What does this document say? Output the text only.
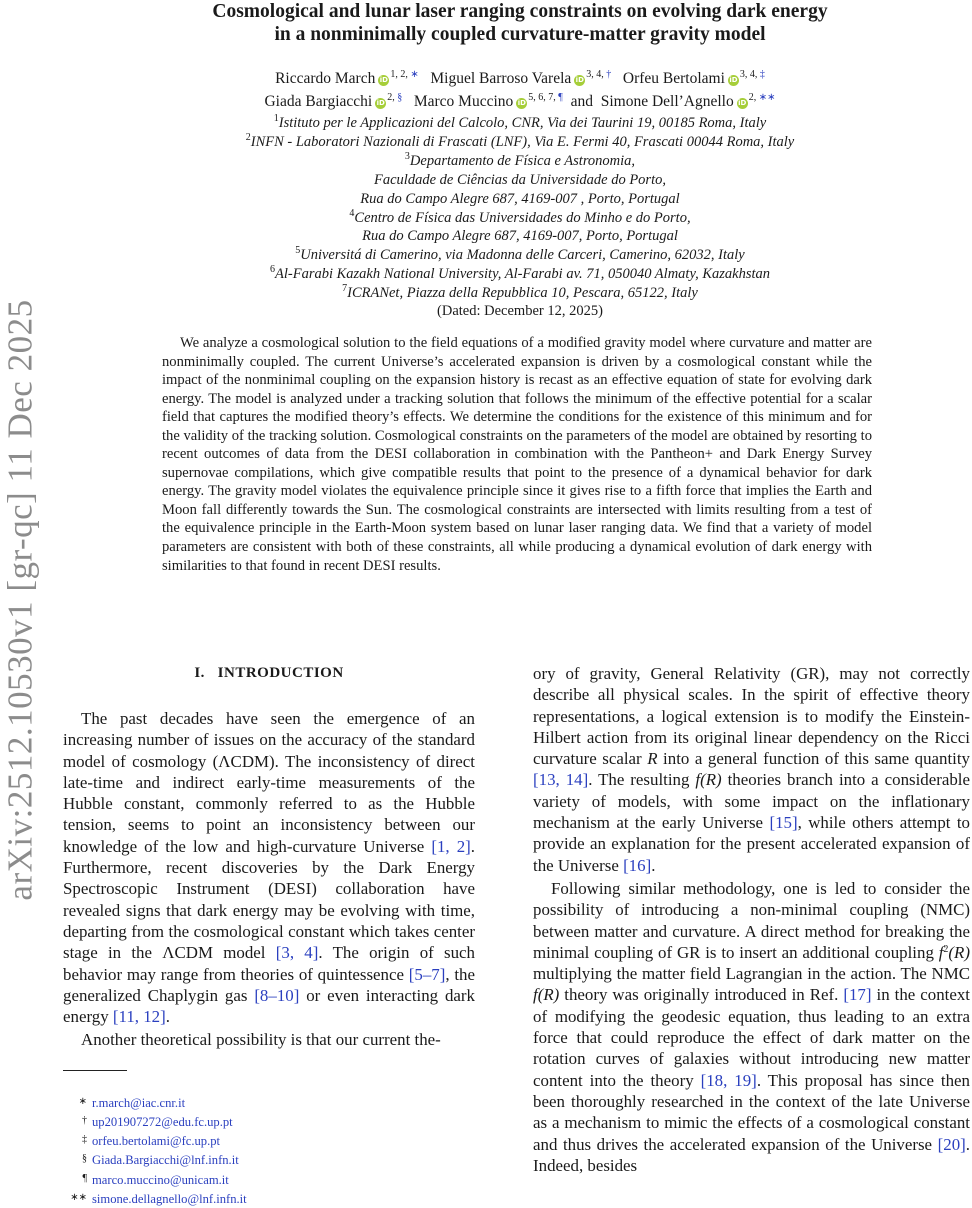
arXiv:2512.10530v1 [gr-qc] 11 Dec 2025
Cosmological and lunar laser ranging constraints on evolving dark energy
in a nonminimally coupled curvature-matter gravity model
Riccardo March iD $^{1, 2, ∗}$ Miguel Barroso Varela iD $^{3, 4, \dagger}$ Orfeu Bertolami iD $^{3, 4, \ddagger}$
Giada Bargiacchi iD $^{2, \S}$ Marco Muccino iD $^{5, 6, 7, \P}$ and Simone Dell’Agnello iD $^{2, ∗∗}$
$^1$Istituto per le Applicazioni del Calcolo, CNR, Via dei Taurini 19, 00185 Roma, Italy
$^2$INFN - Laboratori Nazionali di Frascati (LNF), Via E. Fermi 40, Frascati 00044 Roma, Italy
$^3$Departamento de Física e Astronomia,
Faculdade de Ciências da Universidade do Porto,
Rua do Campo Alegre 687, 4169-007 , Porto, Portugal
$^4$Centro de Física das Universidades do Minho e do Porto,
Rua do Campo Alegre 687, 4169-007, Porto, Portugal
$^5$Universitá di Camerino, via Madonna delle Carceri, Camerino, 62032, Italy
$^6$Al-Farabi Kazakh National University, Al-Farabi av. 71, 050040 Almaty, Kazakhstan
$^7$ICRANet, Piazza della Repubblica 10, Pescara, 65122, Italy
(Dated: December 12, 2025)

We analyze a cosmological solution to the field equations of a modified gravity model where curvature and matter are nonminimally coupled. The current Universe’s accelerated expansion is driven by a cosmological constant while the impact of the nonminimal coupling on the expansion history is recast as an effective equation of state for evolving dark energy. The model is analyzed under a tracking solution that follows the minimum of the effective potential for a scalar field that captures the modified theory’s effects. We determine the conditions for the existence of this minimum and for the validity of the tracking solution. Cosmological constraints on the parameters of the model are obtained by resorting to recent outcomes of data from the DESI collaboration in combination with the Pantheon+ and Dark Energy Survey supernovae compilations, which give compatible results that point to the presence of a dynamical behavior for dark energy. The gravity model violates the equivalence principle since it gives rise to a fifth force that implies the Earth and Moon fall differently towards the Sun. The cosmological constraints are intersected with limits resulting from a test of the equivalence principle in the Earth-Moon system based on lunar laser ranging data. We find that a variety of model parameters are consistent with both of these constraints, all while producing a dynamical evolution of dark energy with similarities to that found in recent DESI results.

I. INTRODUCTION

The past decades have seen the emergence of an increasing number of issues on the accuracy of the standard model of cosmology (ΛCDM). The inconsistency of direct late-time and indirect early-time measurements of the Hubble constant, commonly referred to as the Hubble tension, seems to point an inconsistency between our knowledge of the low and high-curvature Universe [1, 2]. Furthermore, recent discoveries by the Dark Energy Spectroscopic Instrument (DESI) collaboration have revealed signs that dark energy may be evolving with time, departing from the cosmological constant which takes center stage in the ΛCDM model [3, 4]. The origin of such behavior may range from theories of quintessence [5–7], the generalized Chaplygin gas [8–10] or even interacting dark energy [11, 12].

Another theoretical possibility is that our current the-

∗ r.march@iac.cnr.it
† up201907272@edu.fc.up.pt
‡ orfeu.bertolami@fc.up.pt
§ Giada.Bargiacchi@lnf.infn.it
¶ marco.muccino@unicam.it
∗∗ simone.dellagnello@lnf.infn.it

ory of gravity, General Relativity (GR), may not correctly describe all physical scales. In the spirit of effective theory representations, a logical extension is to modify the Einstein-Hilbert action from its original linear dependency on the Ricci curvature scalar R into a general function of this same quantity [13, 14]. The resulting f(R) theories branch into a considerable variety of models, with some impact on the inflationary mechanism at the early Universe [15], while others attempt to provide an explanation for the present accelerated expansion of the Universe [16].

Following similar methodology, one is led to consider the possibility of introducing a non-minimal coupling (NMC) between matter and curvature. A direct method for breaking the minimal coupling of GR is to insert an additional coupling $f^2(R)$ multiplying the matter field Lagrangian in the action. The NMC f(R) theory was originally introduced in Ref. [17] in the context of modifying the geodesic equation, thus leading to an extra force that could reproduce the effect of dark matter on the rotation curves of galaxies without introducing new matter content into the theory [18, 19]. This proposal has since then been thoroughly researched in the context of the late Universe as a mechanism to mimic the effects of a cosmological constant and thus drives the accelerated expansion of the Universe [20]. Indeed, besides
